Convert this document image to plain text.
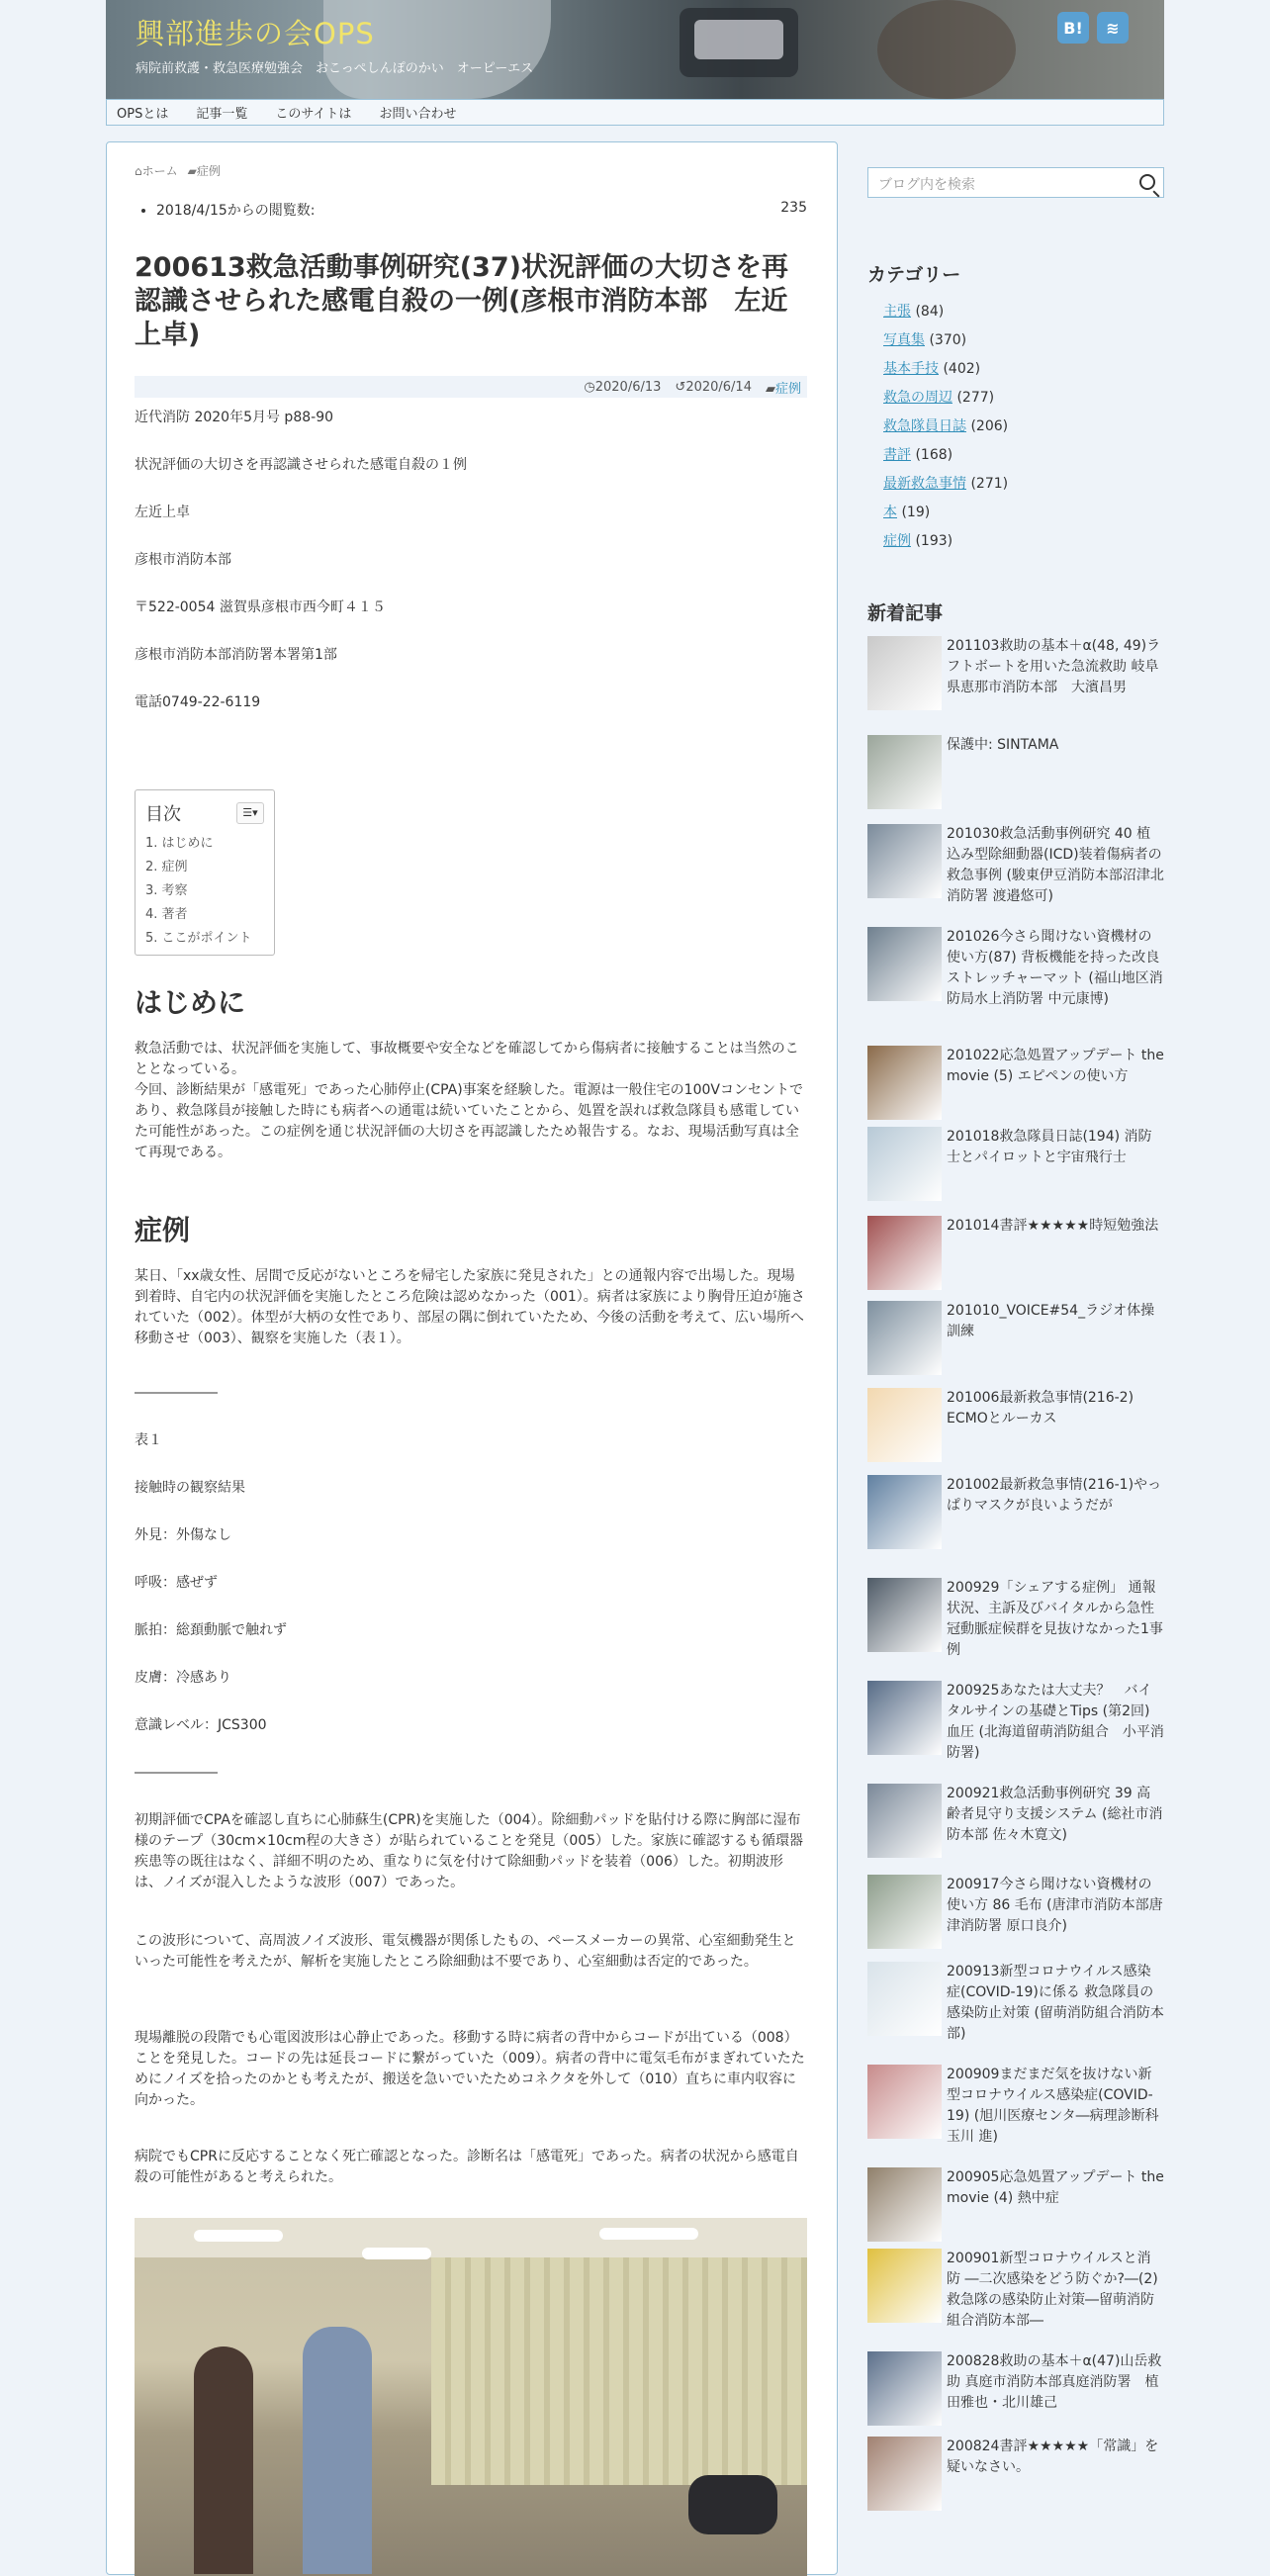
興部進歩の会OPS
病院前救護・救急医療勉強会　おこっぺしんぽのかい　オーピーエス
B!	≋
OPSとは 記事一覧 このサイトは お問い合わせ
⌂ホーム ▰症例
• 2018/4/15からの閲覧数:	235
200613救急活動事例研究(37)状況評価の大切さを再認識させられた感電自殺の一例(彦根市消防本部　左近上卓)
◷2020/6/13 ↺2020/6/14 ▰症例

近代消防 2020年5月号 p88-90

状況評価の大切さを再認識させられた感電自殺の１例

左近上卓

彦根市消防本部

〒522-0054 滋賀県彦根市西今町４１５

彦根市消防本部消防署本署第1部

電話0749-22-6119

目次	☰▾
1. はじめに
2. 症例
3. 考察
4. 著者
5. ここがポイント
はじめに
救急活動では、状況評価を実施して、事故概要や安全などを確認してから傷病者に接触することは当然のこととなっている。
今回、診断結果が「感電死」であった心肺停止(CPA)事案を経験した。電源は一般住宅の100Vコンセントであり、救急隊員が接触した時にも病者への通電は続いていたことから、処置を誤れば救急隊員も感電していた可能性があった。この症例を通じ状況評価の大切さを再認識したため報告する。なお、現場活動写真は全て再現である。
症例
某日、「xx歳女性、居間で反応がないところを帰宅した家族に発見された」との通報内容で出場した。現場到着時、自宅内の状況評価を実施したところ危険は認めなかった（001）。病者は家族により胸骨圧迫が施されていた（002）。体型が大柄の女性であり、部屋の隅に倒れていたため、今後の活動を考えて、広い場所へ移動させ（003）、観察を実施した（表１）。
――――――
表１
接触時の観察結果
外見：外傷なし
呼吸：感ぜず
脈拍：総頚動脈で触れず
皮膚：冷感あり
意識レベル：JCS300
――――――
初期評価でCPAを確認し直ちに心肺蘇生(CPR)を実施した（004）。除細動パッドを貼付ける際に胸部に湿布様のテープ（30cm×10cm程の大きさ）が貼られていることを発見（005）した。家族に確認するも循環器疾患等の既往はなく、詳細不明のため、重なりに気を付けて除細動パッドを装着（006）した。初期波形は、ノイズが混入したような波形（007）であった。
この波形について、高周波ノイズ波形、電気機器が関係したもの、ペースメーカーの異常、心室細動発生といった可能性を考えたが、解析を実施したところ除細動は不要であり、心室細動は否定的であった。
現場離脱の段階でも心電図波形は心静止であった。移動する時に病者の背中からコードが出ている（008）ことを発見した。コードの先は延長コードに繋がっていた（009）。病者の背中に電気毛布がまぎれていたためにノイズを拾ったのかとも考えたが、搬送を急いでいたためコネクタを外して（010）直ちに車内収容に向かった。
病院でもCPRに反応することなく死亡確認となった。診断名は「感電死」であった。病者の状況から感電自殺の可能性があると考えられた。
ブログ内を検索
カテゴリー
主張 (84)
写真集 (370)
基本手技 (402)
救急の周辺 (277)
救急隊員日誌 (206)
書評 (168)
最新救急事情 (271)
本 (19)
症例 (193)
新着記事
201103救助の基本＋α(48, 49)ラフトボートを用いた急流救助 岐阜県恵那市消防本部　大濱昌男
保護中: SINTAMA
201030救急活動事例研究 40 植込み型除細動器(ICD)装着傷病者の救急事例 (駿東伊豆消防本部沼津北消防署 渡邉悠可)
201026今さら聞けない資機材の使い方(87) 背板機能を持った改良ストレッチャーマット (福山地区消防局水上消防署 中元康博)
201022応急処置アップデート the movie (5) エピペンの使い方
201018救急隊員日誌(194) 消防士とパイロットと宇宙飛行士
201014書評★★★★★時短勉強法
201010_VOICE#54_ラジオ体操訓練
201006最新救急事情(216-2) ECMOとルーカス
201002最新救急事情(216-1)やっぱりマスクが良いようだが
200929「シェアする症例」 通報状況、主訴及びバイタルから急性冠動脈症候群を見抜けなかった1事例
200925あなたは大丈夫？　バイタルサインの基礎とTips (第2回) 血圧 (北海道留萌消防組合　小平消防署)
200921救急活動事例研究 39 高齢者見守り支援システム (総社市消防本部 佐々木寛文)
200917今さら聞けない資機材の使い方 86 毛布 (唐津市消防本部唐津消防署 原口良介)
200913新型コロナウイルス感染症(COVID-19)に係る 救急隊員の感染防止対策 (留萌消防組合消防本部)
200909まだまだ気を抜けない新型コロナウイルス感染症(COVID-19) (旭川医療センタ―病理診断科 玉川 進)
200905応急処置アップデート the movie (4) 熱中症
200901新型コロナウイルスと消防 ―二次感染をどう防ぐか?―(2)救急隊の感染防止対策―留萌消防組合消防本部―
200828救助の基本＋α(47)山岳救助 真庭市消防本部真庭消防署　植田雅也・北川雄己
200824書評★★★★★「常識」を疑いなさい。
